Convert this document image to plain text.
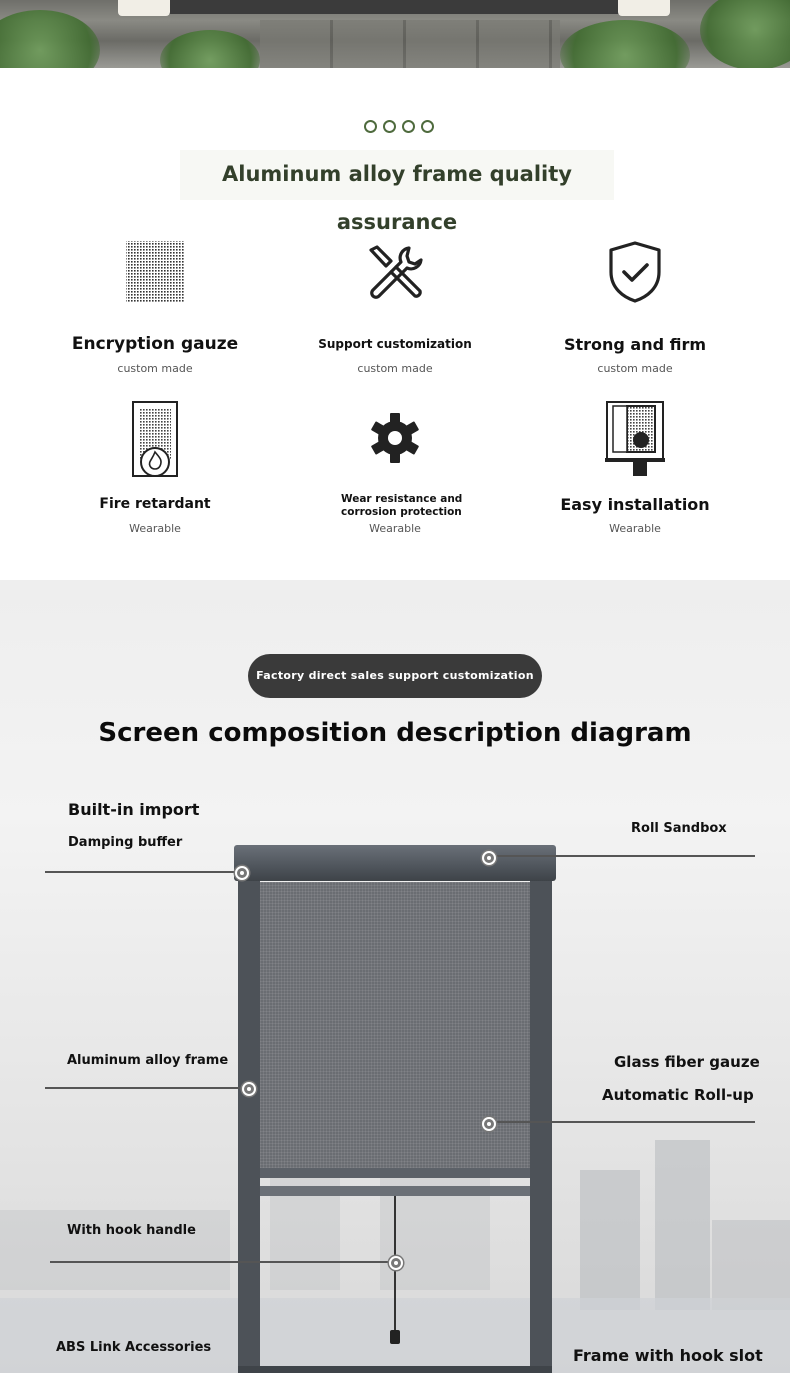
Aluminum alloy frame quality assurance
Encryption gauze
custom made
Support customization
custom made
Strong and firm
custom made
Fire retardant
Wearable
Wear resistance and
corrosion protection
Wearable
Easy installation
Wearable
Factory direct sales support customization
Screen composition description diagram
Built-in import
Damping buffer
Roll Sandbox
Aluminum alloy frame	Glass fiber gauze
Automatic Roll-up
With hook handle
ABS Link Accessories	Frame with hook slot
